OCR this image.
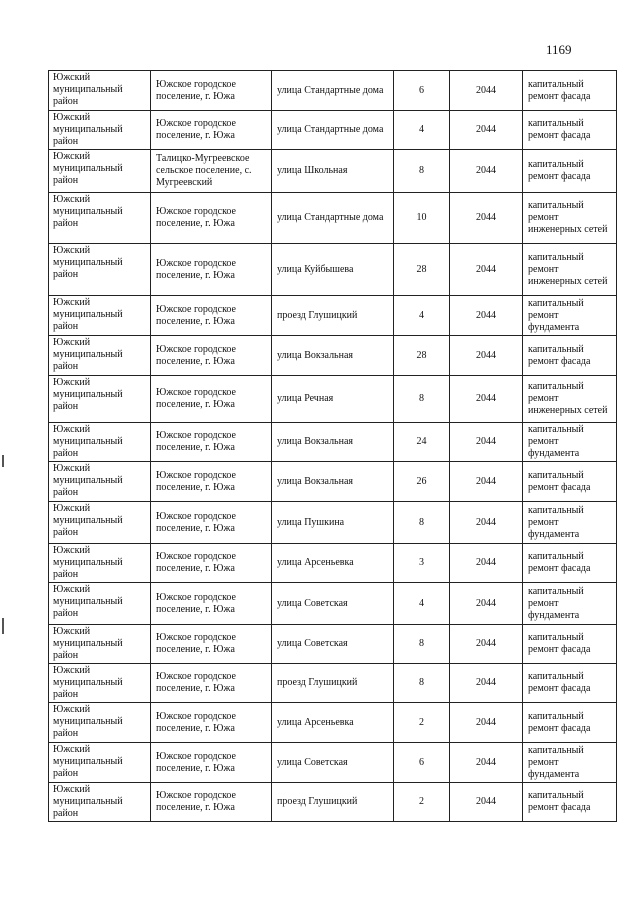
1169
Южский муниципальный район	Южское городское поселение, г. Южа	улица Стандартные дома	6	2044	капитальный ремонт фасада
Южский муниципальный район	Южское городское поселение, г. Южа	улица Стандартные дома	4	2044	капитальный ремонт фасада
Южский муниципальный район	Талицко-Мугреевское сельское поселение, с. Мугреевский	улица Школьная	8	2044	капитальный ремонт фасада
Южский муниципальный район	Южское городское поселение, г. Южа	улица Стандартные дома	10	2044	капитальный ремонт инженерных сетей
Южский муниципальный район	Южское городское поселение, г. Южа	улица Куйбышева	28	2044	капитальный ремонт инженерных сетей
Южский муниципальный район	Южское городское поселение, г. Южа	проезд Глушицкий	4	2044	капитальный ремонт фундамента
Южский муниципальный район	Южское городское поселение, г. Южа	улица Вокзальная	28	2044	капитальный ремонт фасада
Южский муниципальный район	Южское городское поселение, г. Южа	улица Речная	8	2044	капитальный ремонт инженерных сетей
Южский муниципальный район	Южское городское поселение, г. Южа	улица Вокзальная	24	2044	капитальный ремонт фундамента
Южский муниципальный район	Южское городское поселение, г. Южа	улица Вокзальная	26	2044	капитальный ремонт фасада
Южский муниципальный район	Южское городское поселение, г. Южа	улица Пушкина	8	2044	капитальный ремонт фундамента
Южский муниципальный район	Южское городское поселение, г. Южа	улица Арсеньевка	3	2044	капитальный ремонт фасада
Южский муниципальный район	Южское городское поселение, г. Южа	улица Советская	4	2044	капитальный ремонт фундамента
Южский муниципальный район	Южское городское поселение, г. Южа	улица Советская	8	2044	капитальный ремонт фасада
Южский муниципальный район	Южское городское поселение, г. Южа	проезд Глушицкий	8	2044	капитальный ремонт фасада
Южский муниципальный район	Южское городское поселение, г. Южа	улица Арсеньевка	2	2044	капитальный ремонт фасада
Южский муниципальный район	Южское городское поселение, г. Южа	улица Советская	6	2044	капитальный ремонт фундамента
Южский муниципальный район	Южское городское поселение, г. Южа	проезд Глушицкий	2	2044	капитальный ремонт фасада
